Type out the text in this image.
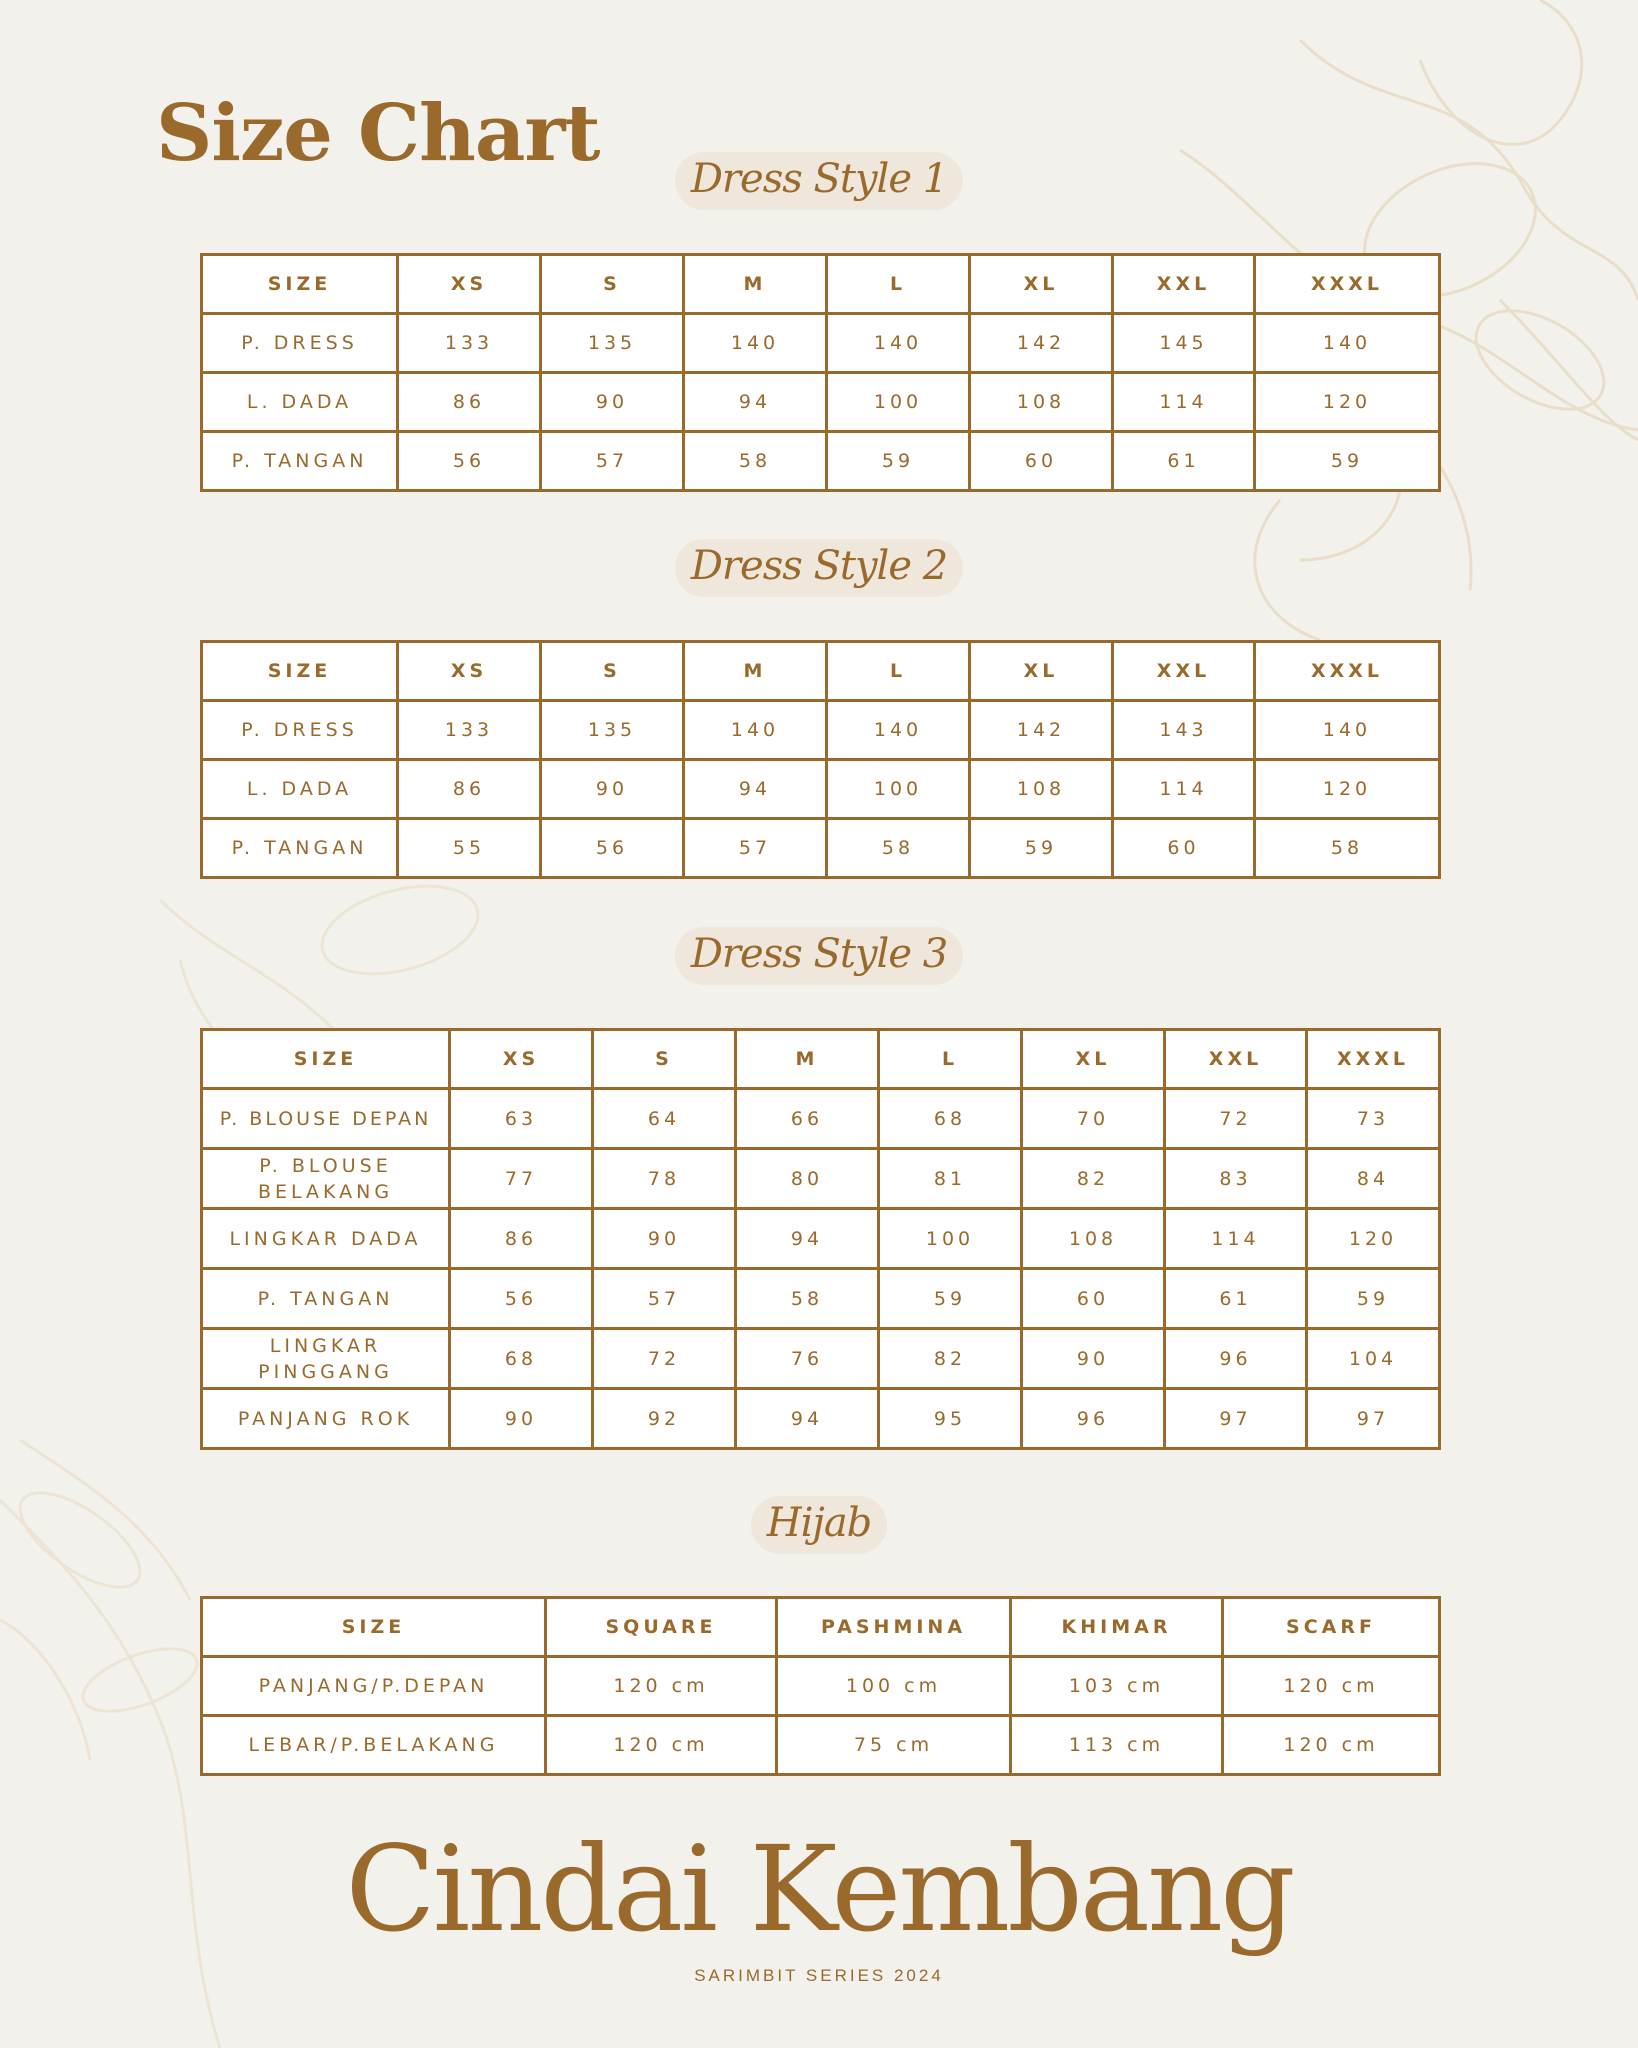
Size Chart	Dress Style 1
SIZE	XS	S	M	L	XL	XXL	XXXL
P. DRESS	133	135	140	140	142	145	140
L. DADA	86	90	94	100	108	114	120
P. TANGAN	56	57	58	59	60	61	59
Dress Style 2
SIZE	XS	S	M	L	XL	XXL	XXXL
P. DRESS	133	135	140	140	142	143	140
L. DADA	86	90	94	100	108	114	120
P. TANGAN	55	56	57	58	59	60	58
Dress Style 3
SIZE	XS	S	M	L	XL	XXL	XXXL
P. BLOUSE DEPAN	63	64	66	68	70	72	73
P. BLOUSE BELAKANG	77	78	80	81	82	83	84
LINGKAR DADA	86	90	94	100	108	114	120
P. TANGAN	56	57	58	59	60	61	59
LINGKAR PINGGANG	68	72	76	82	90	96	104
PANJANG ROK	90	92	94	95	96	97	97
Hijab
SIZE	SQUARE	PASHMINA	KHIMAR	SCARF
PANJANG/P.DEPAN	120 cm	100 cm	103 cm	120 cm
LEBAR/P.BELAKANG	120 cm	75 cm	113 cm	120 cm
Cindai Kembang
SARIMBIT SERIES 2024
